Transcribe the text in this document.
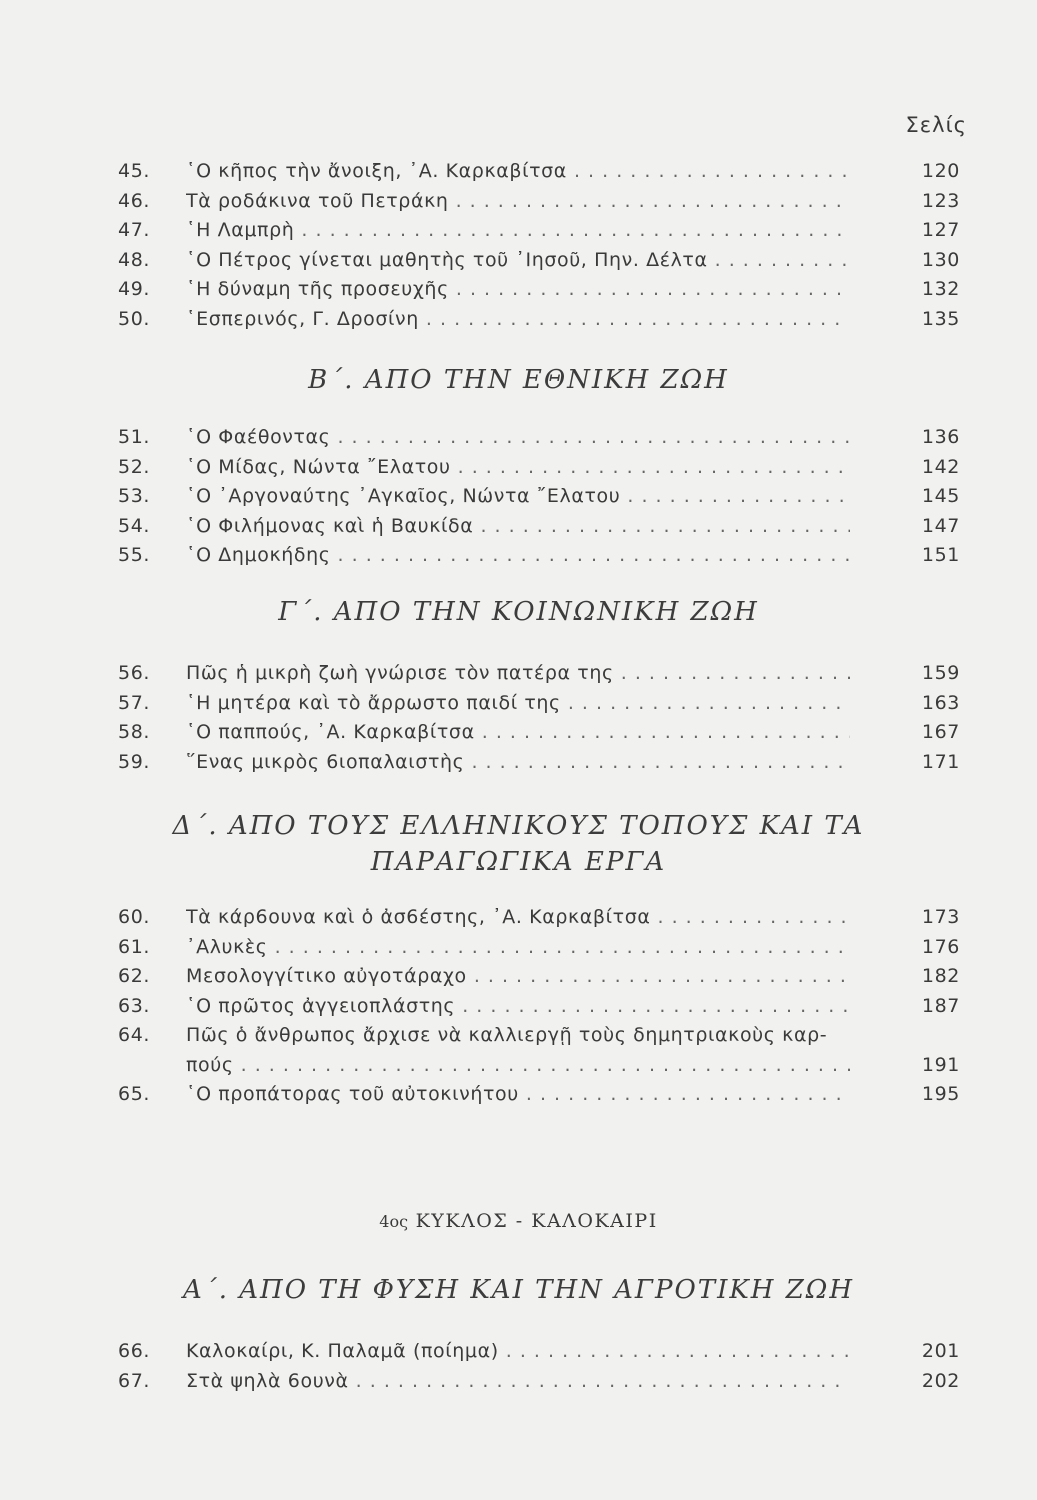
Σελίς
45.	῾Ο κῆπος τὴν ἄνοιξη, ᾿Α. Καρκαβίτσα . . .	120
46.	Τὰ ροδάκινα τοῦ Πετράκη . . .	123
47.	῾Η Λαμπρὴ . . .	127
48.	῾Ο Πέτρος γίνεται μαθητὴς τοῦ ᾿Ιησοῦ, Πην. Δέλτα . . .	130
49.	῾Η δύναμη τῆς προσευχῆς . . .	132
50.	῾Εσπερινός, Γ. Δροσίνη . . .	135
Β΄. ΑΠΟ ΤΗΝ ΕΘΝΙΚΗ ΖΩΗ
51.	῾Ο Φαέθοντας . . .	136
52.	῾Ο Μίδας, Νώντα ῎Ελατου . . .	142
53.	῾Ο ᾿Αργοναύτης ᾿Αγκαῖος, Νώντα ῎Ελατου . . .	145
54.	῾Ο Φιλήμονας καὶ ἡ Βαυκίδα . . .	147
55.	῾Ο Δημοκήδης . . .	151
Γ΄. ΑΠΟ ΤΗΝ ΚΟΙΝΩΝΙΚΗ ΖΩΗ
56.	Πῶς ἡ μικρὴ ζωὴ γνώρισε τὸν πατέρα της . . .	159
57.	῾Η μητέρα καὶ τὸ ἄρρωστο παιδί της . . .	163
58.	῾Ο παππούς, ᾿Α. Καρκαβίτσα . . .	167
59.	῞Ενας μικρὸς 6ιοπαλαιστὴς . . .	171
Δ΄. ΑΠΟ ΤΟΥΣ ΕΛΛΗΝΙΚΟΥΣ ΤΟΠΟΥΣ ΚΑΙ ΤΑ
ΠΑΡΑΓΩΓΙΚΑ ΕΡΓΑ
60.	Τὰ κάρ6ουνα καὶ ὁ ἀσ6έστης, ᾿Α. Καρκαβίτσα . . .	173
61.	᾿Αλυκὲς . . .	176
62.	Μεσολογγίτικο αὐγοτάραχο . . .	182
63.	῾Ο πρῶτος ἀγγειοπλάστης . . .	187
64.	Πῶς ὁ ἄνθρωπος ἄρχισε νὰ καλλιεργῇ τοὺς δημητριακοὺς καρ-
πούς . . .	191
65.	῾Ο προπάτορας τοῦ αὐτοκινήτου . . .	195
4ος ΚΥΚΛΟΣ - ΚΑΛΟΚΑΙΡΙ
Α΄. ΑΠΟ ΤΗ ΦΥΣΗ ΚΑΙ ΤΗΝ ΑΓΡΟΤΙΚΗ ΖΩΗ
66.	Καλοκαίρι, Κ. Παλαμᾶ (ποίημα) . . .	201
67.	Στὰ ψηλὰ 6ουνὰ . . .	202
